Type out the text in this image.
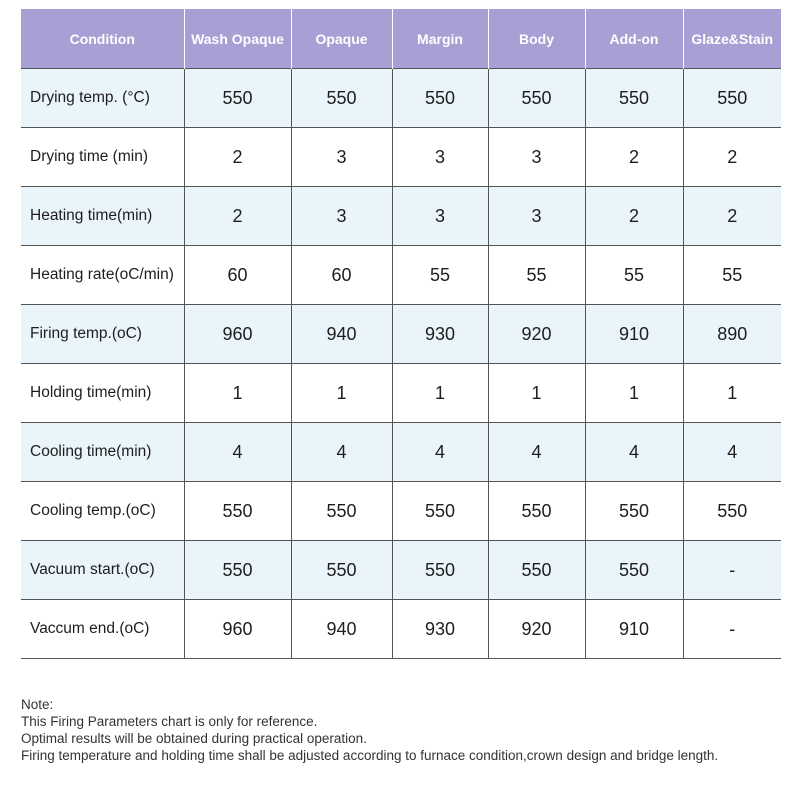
Condition	Wash Opaque	Opaque	Margin	Body	Add-on	Glaze&Stain
Drying temp. (°C)	550	550	550	550	550	550
Drying time (min)	2	3	3	3	2	2
Heating time(min)	2	3	3	3	2	2
Heating rate(oC/min)	60	60	55	55	55	55
Firing temp.(oC)	960	940	930	920	910	890
Holding time(min)	1	1	1	1	1	1
Cooling time(min)	4	4	4	4	4	4
Cooling temp.(oC)	550	550	550	550	550	550
Vacuum start.(oC)	550	550	550	550	550	-
Vaccum end.(oC)	960	940	930	920	910	-
Note:
This Firing Parameters chart is only for reference.
Optimal results will be obtained during practical operation.
Firing temperature and holding time shall be adjusted according to furnace condition,crown design and bridge length.
